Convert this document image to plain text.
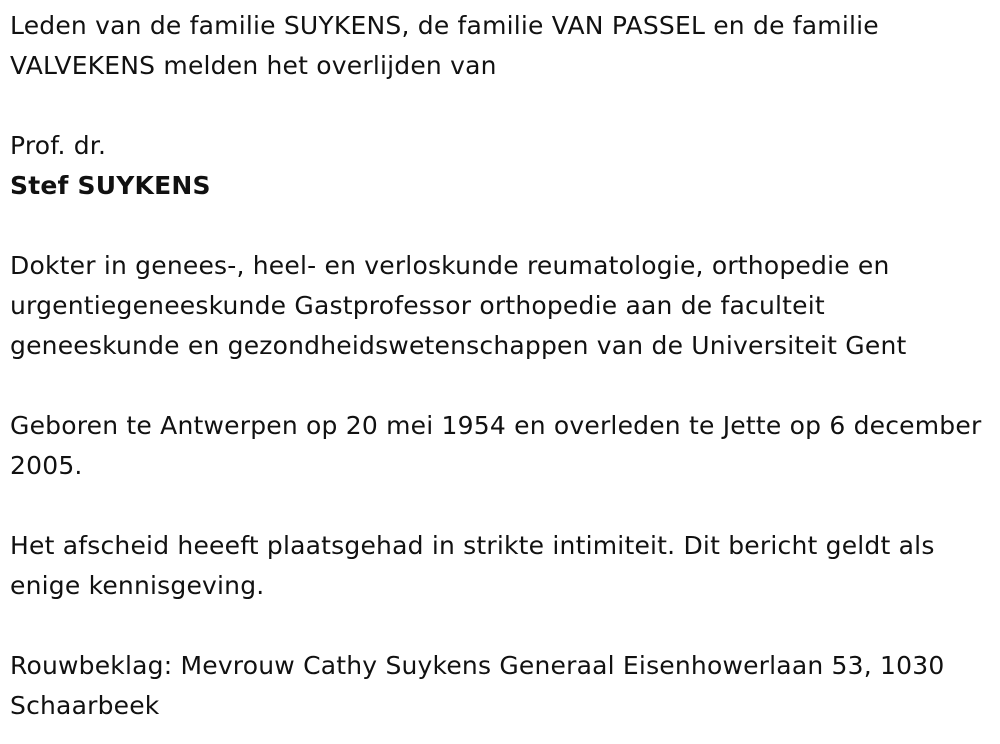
Leden van de familie SUYKENS, de familie VAN PASSEL en de familie VALVEKENS melden het overlijden van

Prof. dr.

Stef SUYKENS

Dokter in genees-, heel- en verloskunde reumatologie, orthopedie en urgentiegeneeskunde Gastprofessor orthopedie aan de faculteit geneeskunde en gezondheidswetenschappen van de Universiteit Gent

Geboren te Antwerpen op 20 mei 1954 en overleden te Jette op 6 december 2005.

Het afscheid heeeft plaatsgehad in strikte intimiteit. Dit bericht geldt als enige kennisgeving.

Rouwbeklag: Mevrouw Cathy Suykens Generaal Eisenhowerlaan 53, 1030 Schaarbeek
